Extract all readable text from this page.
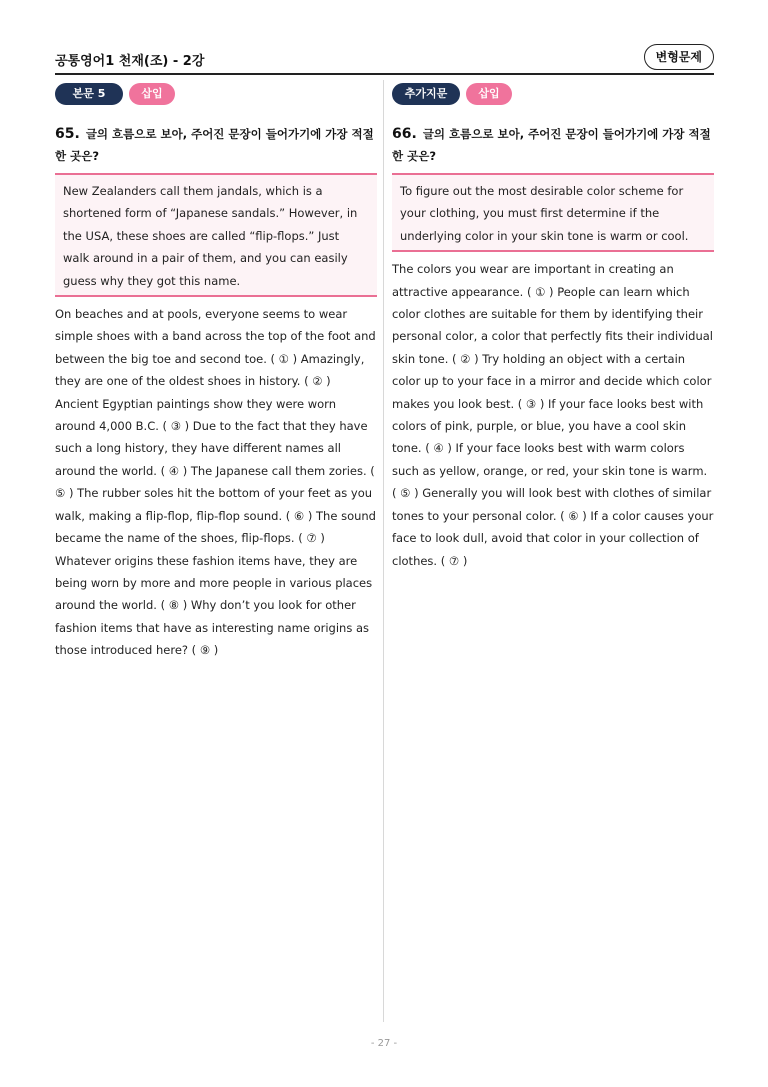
공통영어1 천재(조) - 2강	변형문제
본문 5	삽입
65. 글의 흐름으로 보아, 주어진 문장이 들어가기에 가장 적절한 곳은?
New Zealanders call them jandals, which is a shortened form of “Japanese sandals.” However, in the USA, these shoes are called “flip-flops.” Just walk around in a pair of them, and you can easily guess why they got this name.
On beaches and at pools, everyone seems to wear simple shoes with a band across the top of the foot and between the big toe and second toe. ( ① ) Amazingly, they are one of the oldest shoes in history. ( ② ) Ancient Egyptian paintings show they were worn around 4,000 B.C. ( ③ ) Due to the fact that they have such a long history, they have different names all around the world. ( ④ ) The Japanese call them zories. ( ⑤ ) The rubber soles hit the bottom of your feet as you walk, making a flip-flop, flip-flop sound. ( ⑥ ) The sound became the name of the shoes, flip-flops. ( ⑦ ) Whatever origins these fashion items have, they are being worn by more and more people in various places around the world. ( ⑧ ) Why don’t you look for other fashion items that have as interesting name origins as those introduced here? ( ⑨ )
추가지문	삽입
66. 글의 흐름으로 보아, 주어진 문장이 들어가기에 가장 적절한 곳은?
To figure out the most desirable color scheme for your clothing, you must first determine if the underlying color in your skin tone is warm or cool.
The colors you wear are important in creating an attractive appearance. ( ① ) People can learn which color clothes are suitable for them by identifying their personal color, a color that perfectly fits their individual skin tone. ( ② ) Try holding an object with a certain color up to your face in a mirror and decide which color makes you look best. ( ③ ) If your face looks best with colors of pink, purple, or blue, you have a cool skin tone. ( ④ ) If your face looks best with warm colors such as yellow, orange, or red, your skin tone is warm. ( ⑤ ) Generally you will look best with clothes of similar tones to your personal color. ( ⑥ ) If a color causes your face to look dull, avoid that color in your collection of clothes. ( ⑦ )
- 27 -
